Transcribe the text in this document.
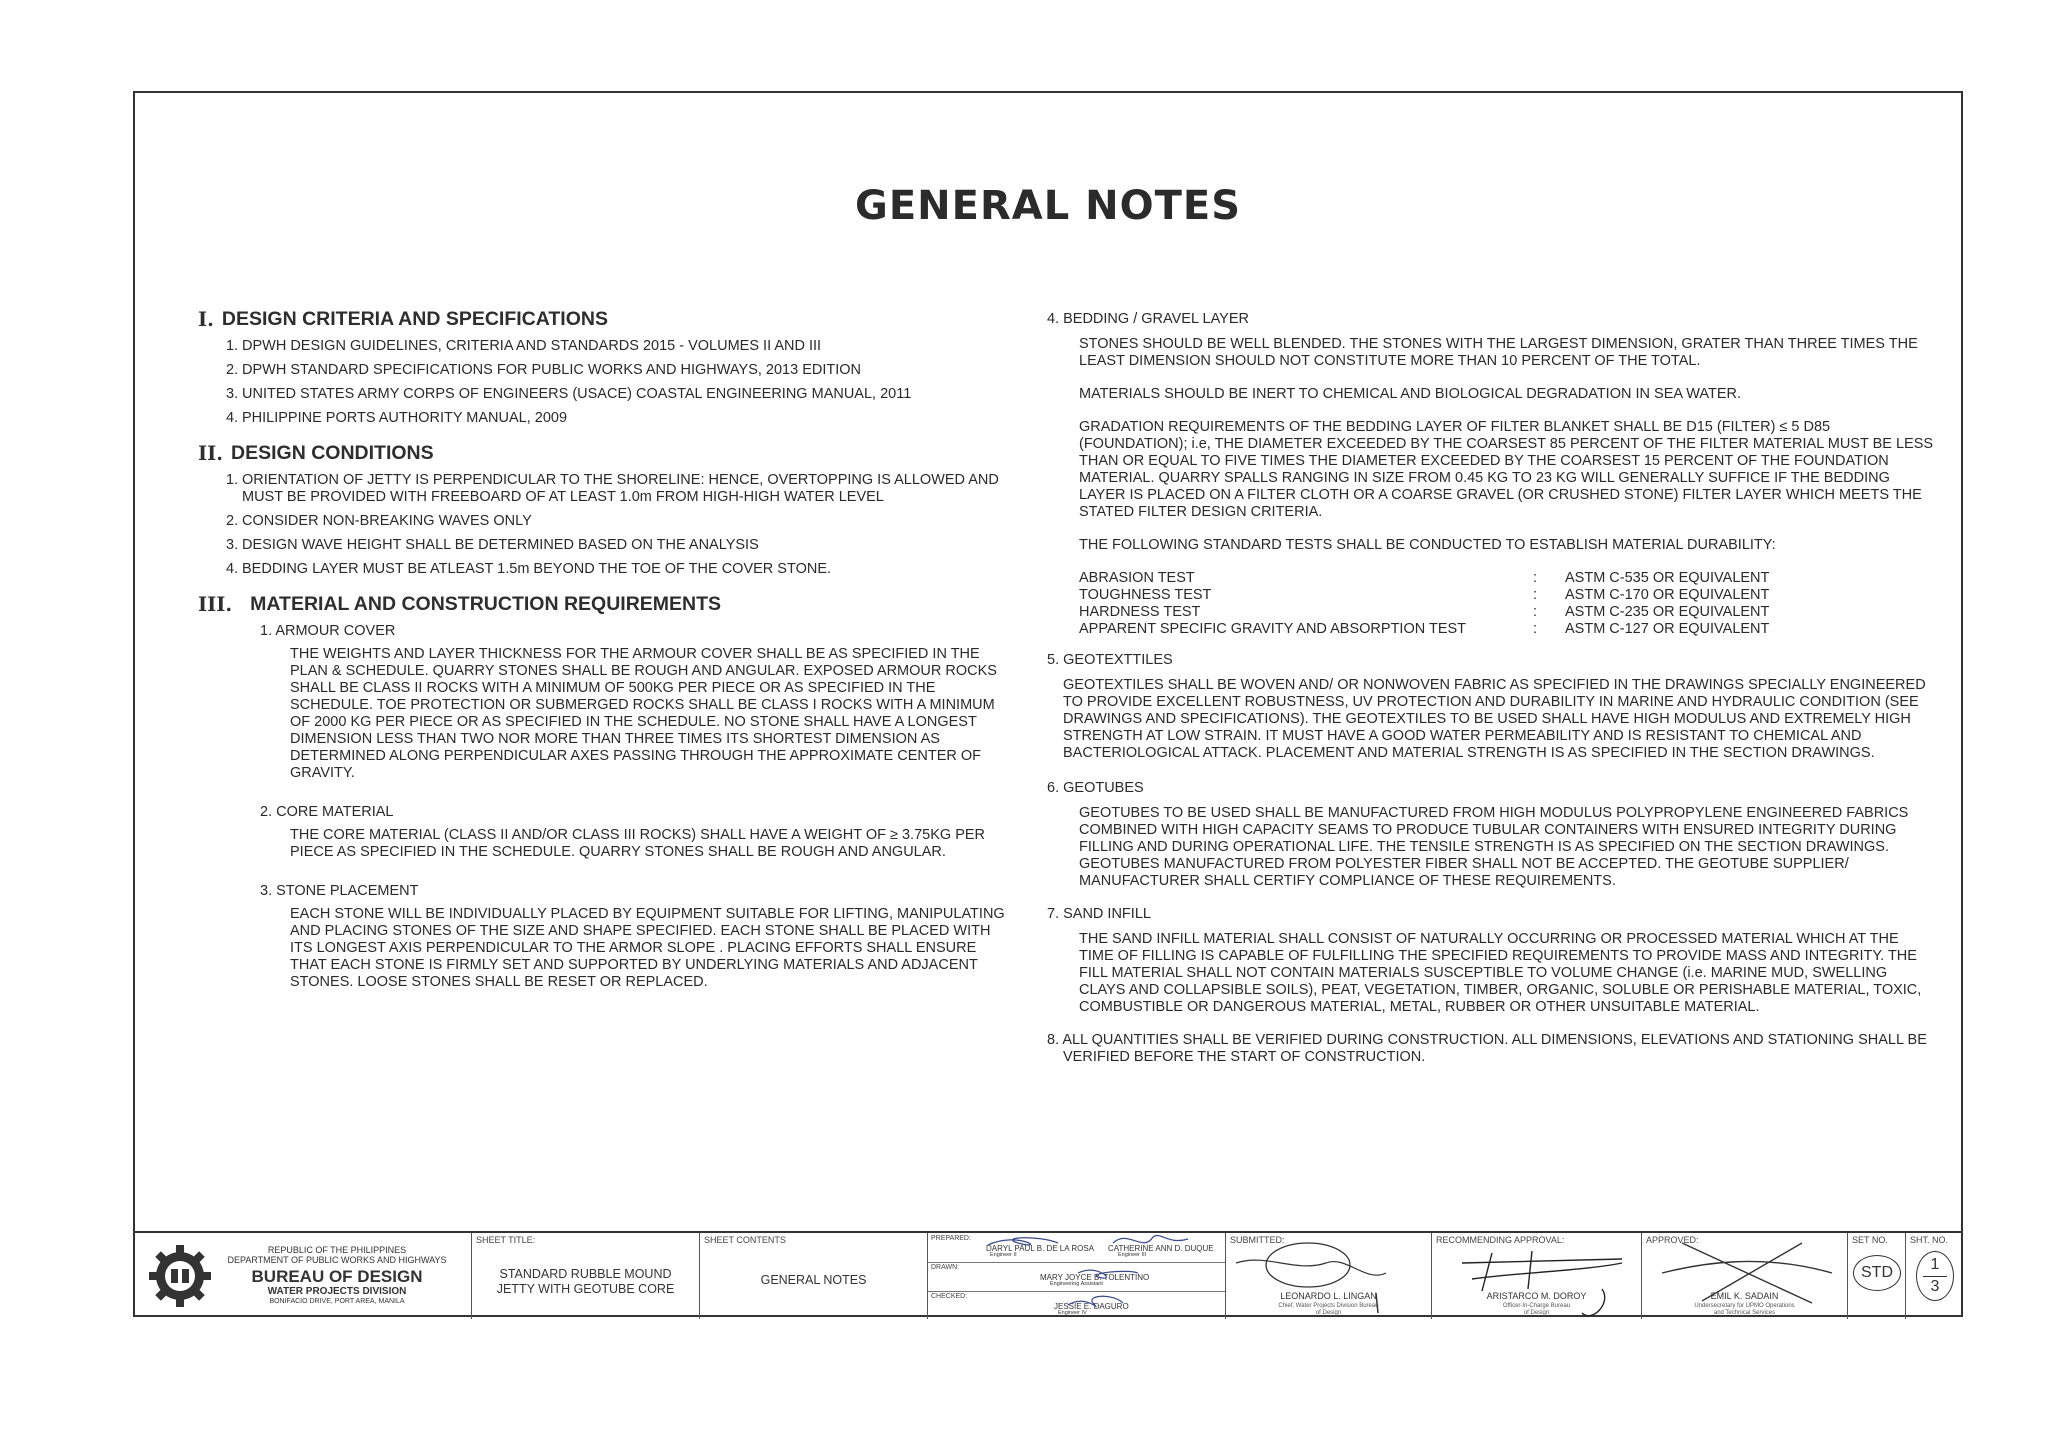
GENERAL NOTES
I. DESIGN CRITERIA AND SPECIFICATIONS
1. DPWH DESIGN GUIDELINES, CRITERIA AND STANDARDS 2015 - VOLUMES II AND III
2. DPWH STANDARD SPECIFICATIONS FOR PUBLIC WORKS AND HIGHWAYS, 2013 EDITION
3. UNITED STATES ARMY CORPS OF ENGINEERS (USACE) COASTAL ENGINEERING MANUAL, 2011
4. PHILIPPINE PORTS AUTHORITY MANUAL, 2009
II. DESIGN CONDITIONS
1. ORIENTATION OF JETTY IS PERPENDICULAR TO THE SHORELINE: HENCE, OVERTOPPING IS ALLOWED AND MUST BE PROVIDED WITH FREEBOARD OF AT LEAST 1.0m FROM HIGH-HIGH WATER LEVEL
2. CONSIDER NON-BREAKING WAVES ONLY
3. DESIGN WAVE HEIGHT SHALL BE DETERMINED BASED ON THE ANALYSIS
4. BEDDING LAYER MUST BE ATLEAST 1.5m BEYOND THE TOE OF THE COVER STONE.
III. MATERIAL AND CONSTRUCTION REQUIREMENTS
1. ARMOUR COVER
THE WEIGHTS AND LAYER THICKNESS FOR THE ARMOUR COVER SHALL BE AS SPECIFIED IN THE PLAN & SCHEDULE. QUARRY STONES SHALL BE ROUGH AND ANGULAR. EXPOSED ARMOUR ROCKS SHALL BE CLASS II ROCKS WITH A MINIMUM OF 500KG PER PIECE OR AS SPECIFIED IN THE SCHEDULE. TOE PROTECTION OR SUBMERGED ROCKS SHALL BE CLASS I ROCKS WITH A MINIMUM OF 2000 KG PER PIECE OR AS SPECIFIED IN THE SCHEDULE. NO STONE SHALL HAVE A LONGEST DIMENSION LESS THAN TWO NOR MORE THAN THREE TIMES ITS SHORTEST DIMENSION AS DETERMINED ALONG PERPENDICULAR AXES PASSING THROUGH THE APPROXIMATE CENTER OF GRAVITY.
2. CORE MATERIAL
THE CORE MATERIAL (CLASS II AND/OR CLASS III ROCKS) SHALL HAVE A WEIGHT OF ≥ 3.75KG PER PIECE AS SPECIFIED IN THE SCHEDULE. QUARRY STONES SHALL BE ROUGH AND ANGULAR.
3. STONE PLACEMENT
EACH STONE WILL BE INDIVIDUALLY PLACED BY EQUIPMENT SUITABLE FOR LIFTING, MANIPULATING AND PLACING STONES OF THE SIZE AND SHAPE SPECIFIED. EACH STONE SHALL BE PLACED WITH ITS LONGEST AXIS PERPENDICULAR TO THE ARMOR SLOPE . PLACING EFFORTS SHALL ENSURE THAT EACH STONE IS FIRMLY SET AND SUPPORTED BY UNDERLYING MATERIALS AND ADJACENT STONES. LOOSE STONES SHALL BE RESET OR REPLACED.
4. BEDDING / GRAVEL LAYER
STONES SHOULD BE WELL BLENDED. THE STONES WITH THE LARGEST DIMENSION, GRATER THAN THREE TIMES THE LEAST DIMENSION SHOULD NOT CONSTITUTE MORE THAN 10 PERCENT OF THE TOTAL.
MATERIALS SHOULD BE INERT TO CHEMICAL AND BIOLOGICAL DEGRADATION IN SEA WATER.
GRADATION REQUIREMENTS OF THE BEDDING LAYER OF FILTER BLANKET SHALL BE D15 (FILTER) ≤ 5 D85 (FOUNDATION); i.e, THE DIAMETER EXCEEDED BY THE COARSEST 85 PERCENT OF THE FILTER MATERIAL MUST BE LESS THAN OR EQUAL TO FIVE TIMES THE DIAMETER EXCEEDED BY THE COARSEST 15 PERCENT OF THE FOUNDATION MATERIAL. QUARRY SPALLS RANGING IN SIZE FROM 0.45 KG TO 23 KG WILL GENERALLY SUFFICE IF THE BEDDING LAYER IS PLACED ON A FILTER CLOTH OR A COARSE GRAVEL (OR CRUSHED STONE) FILTER LAYER WHICH MEETS THE STATED FILTER DESIGN CRITERIA.
THE FOLLOWING STANDARD TESTS SHALL BE CONDUCTED TO ESTABLISH MATERIAL DURABILITY:
ABRASION TEST	:	ASTM C-535 OR EQUIVALENT
TOUGHNESS TEST	:	ASTM C-170 OR EQUIVALENT
HARDNESS TEST	:	ASTM C-235 OR EQUIVALENT
APPARENT SPECIFIC GRAVITY AND ABSORPTION TEST	:	ASTM C-127 OR EQUIVALENT
5. GEOTEXTTILES
GEOTEXTILES SHALL BE WOVEN AND/ OR NONWOVEN FABRIC AS SPECIFIED IN THE DRAWINGS SPECIALLY ENGINEERED TO PROVIDE EXCELLENT ROBUSTNESS, UV PROTECTION AND DURABILITY IN MARINE AND HYDRAULIC CONDITION (SEE DRAWINGS AND SPECIFICATIONS). THE GEOTEXTILES TO BE USED SHALL HAVE HIGH MODULUS AND EXTREMELY HIGH STRENGTH AT LOW STRAIN. IT MUST HAVE A GOOD WATER PERMEABILITY AND IS RESISTANT TO CHEMICAL AND BACTERIOLOGICAL ATTACK. PLACEMENT AND MATERIAL STRENGTH IS AS SPECIFIED IN THE SECTION DRAWINGS.
6. GEOTUBES
GEOTUBES TO BE USED SHALL BE MANUFACTURED FROM HIGH MODULUS POLYPROPYLENE ENGINEERED FABRICS COMBINED WITH HIGH CAPACITY SEAMS TO PRODUCE TUBULAR CONTAINERS WITH ENSURED INTEGRITY DURING FILLING AND DURING OPERATIONAL LIFE. THE TENSILE STRENGTH IS AS SPECIFIED ON THE SECTION DRAWINGS. GEOTUBES MANUFACTURED FROM POLYESTER FIBER SHALL NOT BE ACCEPTED. THE GEOTUBE SUPPLIER/ MANUFACTURER SHALL CERTIFY COMPLIANCE OF THESE REQUIREMENTS.
7. SAND INFILL
THE SAND INFILL MATERIAL SHALL CONSIST OF NATURALLY OCCURRING OR PROCESSED MATERIAL WHICH AT THE TIME OF FILLING IS CAPABLE OF FULFILLING THE SPECIFIED REQUIREMENTS TO PROVIDE MASS AND INTEGRITY. THE FILL MATERIAL SHALL NOT CONTAIN MATERIALS SUSCEPTIBLE TO VOLUME CHANGE (i.e. MARINE MUD, SWELLING CLAYS AND COLLAPSIBLE SOILS), PEAT, VEGETATION, TIMBER, ORGANIC, SOLUBLE OR PERISHABLE MATERIAL, TOXIC, COMBUSTIBLE OR DANGEROUS MATERIAL, METAL, RUBBER OR OTHER UNSUITABLE MATERIAL.
8. ALL QUANTITIES SHALL BE VERIFIED DURING CONSTRUCTION. ALL DIMENSIONS, ELEVATIONS AND STATIONING SHALL BE VERIFIED BEFORE THE START OF CONSTRUCTION.
REPUBLIC OF THE PHILIPPINES
DEPARTMENT OF PUBLIC WORKS AND HIGHWAYS
BUREAU OF DESIGN
WATER PROJECTS DIVISION
BONIFACIO DRIVE, PORT AREA, MANILA
SHEET TITLE:
STANDARD RUBBLE MOUND JETTY WITH GEOTUBE CORE
SHEET CONTENTS
GENERAL NOTES
PREPARED:
DARYL PAUL B. DE LA ROSA
Engineer II
CATHERINE ANN D. DUQUE
Engineer III
DRAWN:
MARY JOYCE B. TOLENTINO
Engineering Assistant
CHECKED:
JESSIE E. DAGURO
Engineer IV
SUBMITTED:
LEONARDO L. LINGAN
Chief, Water Projects Division Bureau of Design
RECOMMENDING APPROVAL:
ARISTARCO M. DOROY
Officer-In-Charge Bureau of Design
APPROVED:
EMIL K. SADAIN
Undersecretary for UPMO Operations and Technical Services
SET NO.
STD
SHT. NO.
1
3
